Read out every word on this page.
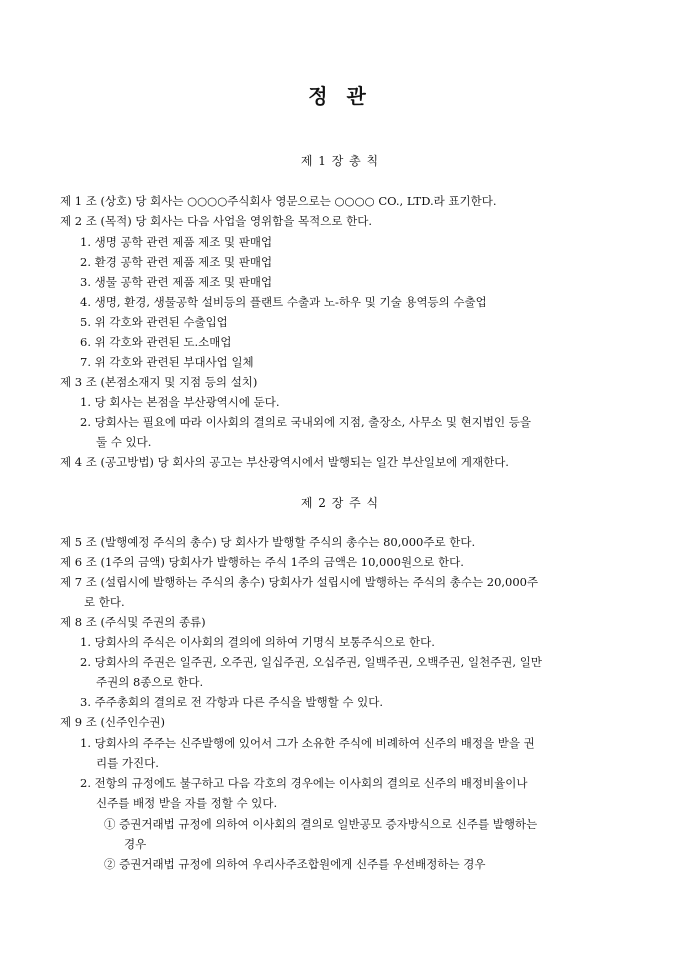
정 관
제 1 장 총 칙
제 1 조 (상호) 당 회사는 ○○○○주식회사 영문으로는 ○○○○ CO., LTD.라 표기한다.
제 2 조 (목적) 당 회사는 다음 사업을 영위함을 목적으로 한다.
1. 생명 공학 관련 제품 제조 및 판매업
2. 환경 공학 관련 제품 제조 및 판매업
3. 생물 공학 관련 제품 제조 및 판매업
4. 생명, 환경, 생물공학 설비등의 플랜트 수출과 노-하우 및 기술 용역등의 수출업
5. 위 각호와 관련된 수출입업
6. 위 각호와 관련된 도.소매업
7. 위 각호와 관련된 부대사업 일체
제 3 조 (본점소재지 및 지점 등의 설치)
1. 당 회사는 본점을 부산광역시에 둔다.
2. 당회사는 필요에 따라 이사회의 결의로 국내외에 지점, 출장소, 사무소 및 현지법인 등을
둘 수 있다.
제 4 조 (공고방법) 당 회사의 공고는 부산광역시에서 발행되는 일간 부산일보에 게재한다.
제 2 장 주 식
제 5 조 (발행예정 주식의 총수) 당 회사가 발행할 주식의 총수는 80,000주로 한다.
제 6 조 (1주의 금액) 당회사가 발행하는 주식 1주의 금액은 10,000원으로 한다.
제 7 조 (설립시에 발행하는 주식의 총수) 당회사가 설립시에 발행하는 주식의 총수는 20,000주
로 한다.
제 8 조 (주식및 주권의 종류)
1. 당회사의 주식은 이사회의 결의에 의하여 기명식 보통주식으로 한다.
2. 당회사의 주권은 일주권, 오주권, 일십주권, 오십주권, 일백주권, 오백주권, 일천주권, 일만
주권의 8종으로 한다.
3. 주주총회의 결의로 전 각항과 다른 주식을 발행할 수 있다.
제 9 조 (신주인수권)
1. 당회사의 주주는 신주발행에 있어서 그가 소유한 주식에 비례하여 신주의 배정을 받을 권
리를 가진다.
2. 전항의 규정에도 불구하고 다음 각호의 경우에는 이사회의 결의로 신주의 배정비율이나
신주를 배정 받을 자를 정할 수 있다.
① 증권거래법 규정에 의하여 이사회의 결의로 일반공모 증자방식으로 신주를 발행하는
경우
② 증권거래법 규정에 의하여 우리사주조합원에게 신주를 우선배정하는 경우
